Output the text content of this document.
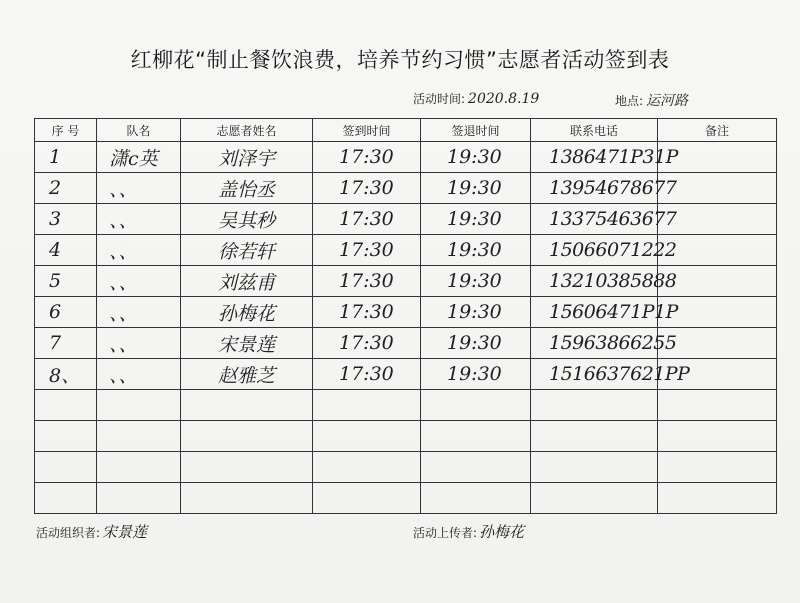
红柳花“制止餐饮浪费，培养节约习惯”志愿者活动签到表
活动时间: 2020.8.19	地点: 运河路
序 号	队名	志愿者姓名	签到时间	签退时间	联系电话	备注
1	潇c英	刘泽宇	17:30	19:30	1386471P31P	
2	、、	盖怡丞	17:30	19:30	13954678677	
3	、、	吴其秒	17:30	19:30	13375463677	
4	、、	徐若轩	17:30	19:30	15066071222	
5	、、	刘兹甫	17:30	19:30	13210385888	
6	、、	孙梅花	17:30	19:30	15606471P1P	
7	、、	宋景莲	17:30	19:30	15963866255	
8、	、、	赵雅芝	17:30	19:30	1516637621PP	

活动组织者: 宋景莲	活动上传者: 孙梅花
